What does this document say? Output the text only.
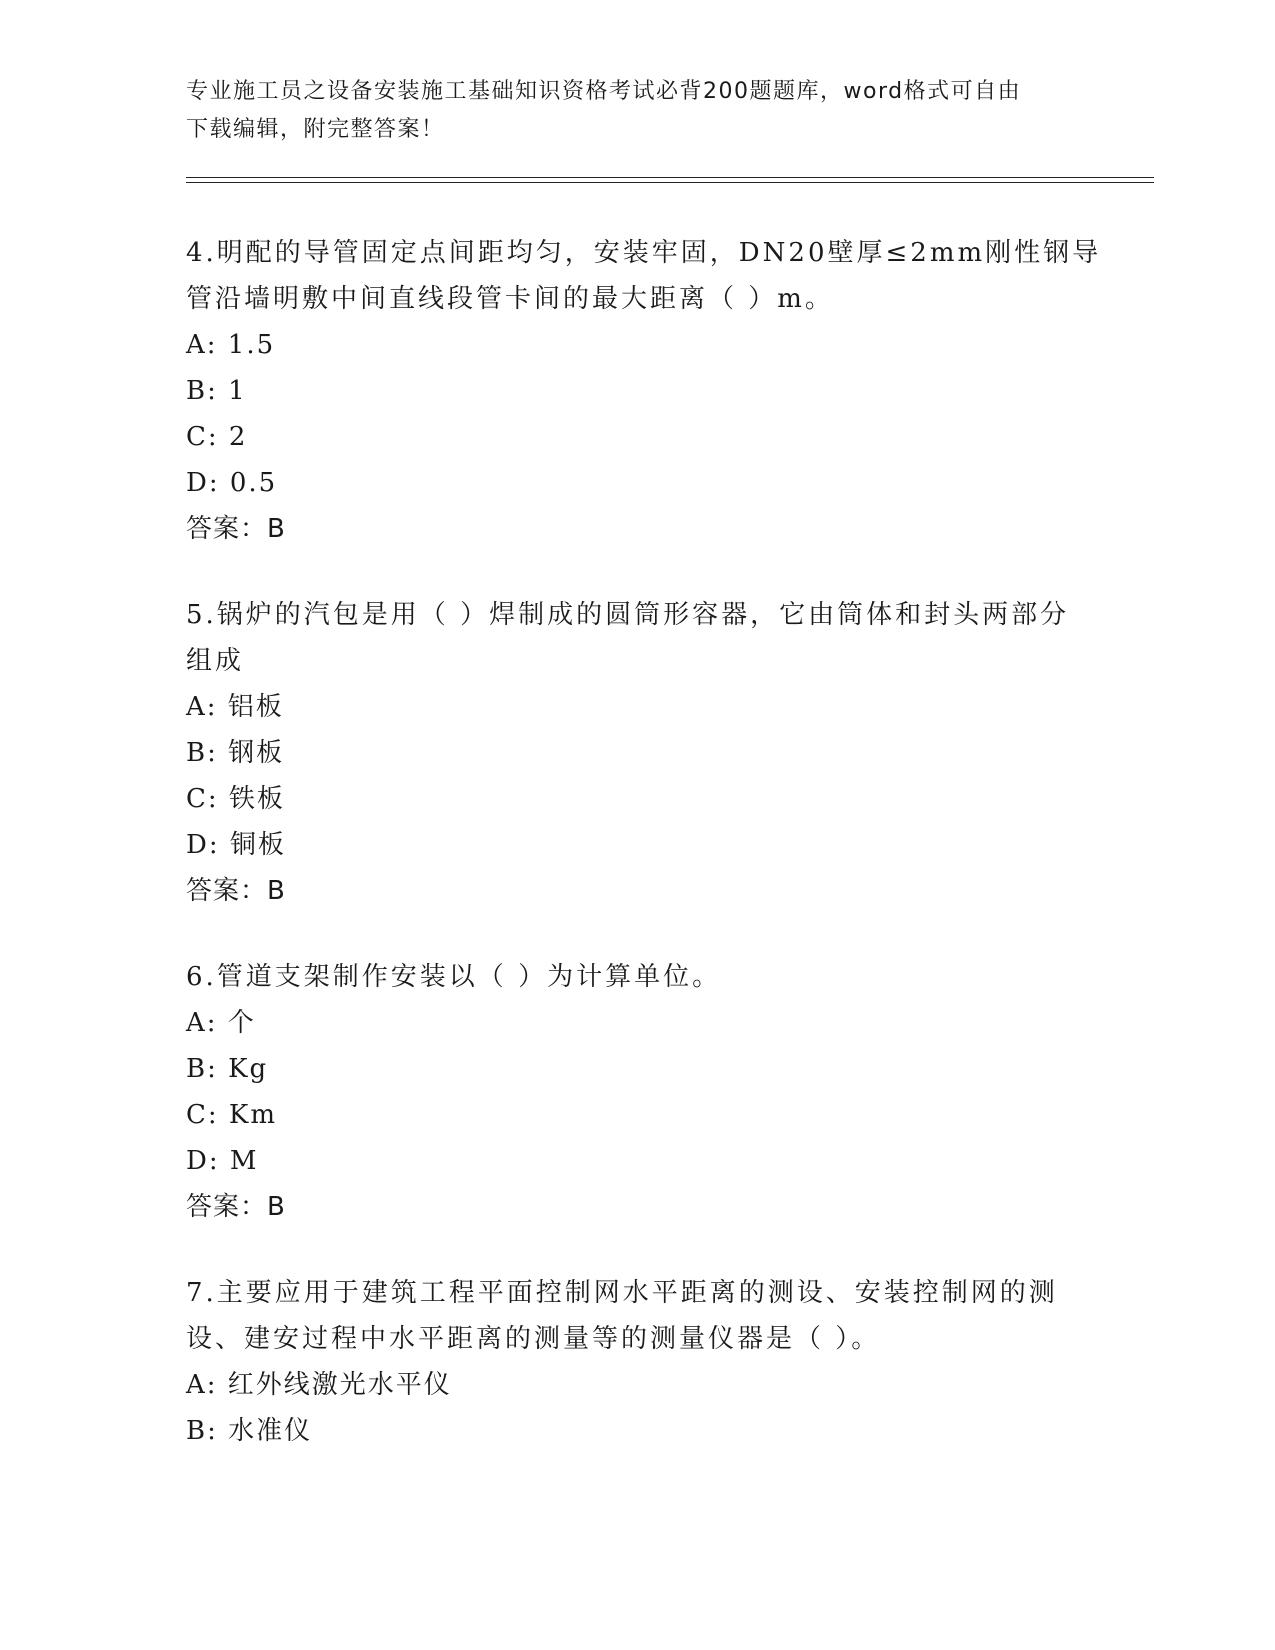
专业施工员之设备安装施工基础知识资格考试必背200题题库，word格式可自由
下载编辑，附完整答案！
4.明配的导管固定点间距均匀，安装牢固，DN20壁厚≤2mm刚性钢导
管沿墙明敷中间直线段管卡间的最大距离（ ）m。
A: 1.5
B: 1
C: 2
D: 0.5
答案：B
5.锅炉的汽包是用（ ）焊制成的圆筒形容器，它由筒体和封头两部分
组成
A: 铝板
B: 钢板
C: 铁板
D: 铜板
答案：B
6.管道支架制作安装以（ ）为计算单位。
A: 个
B: Kg
C: Km
D: M
答案：B
7.主要应用于建筑工程平面控制网水平距离的测设、安装控制网的测
设、建安过程中水平距离的测量等的测量仪器是（ ）。
A: 红外线激光水平仪
B: 水准仪
